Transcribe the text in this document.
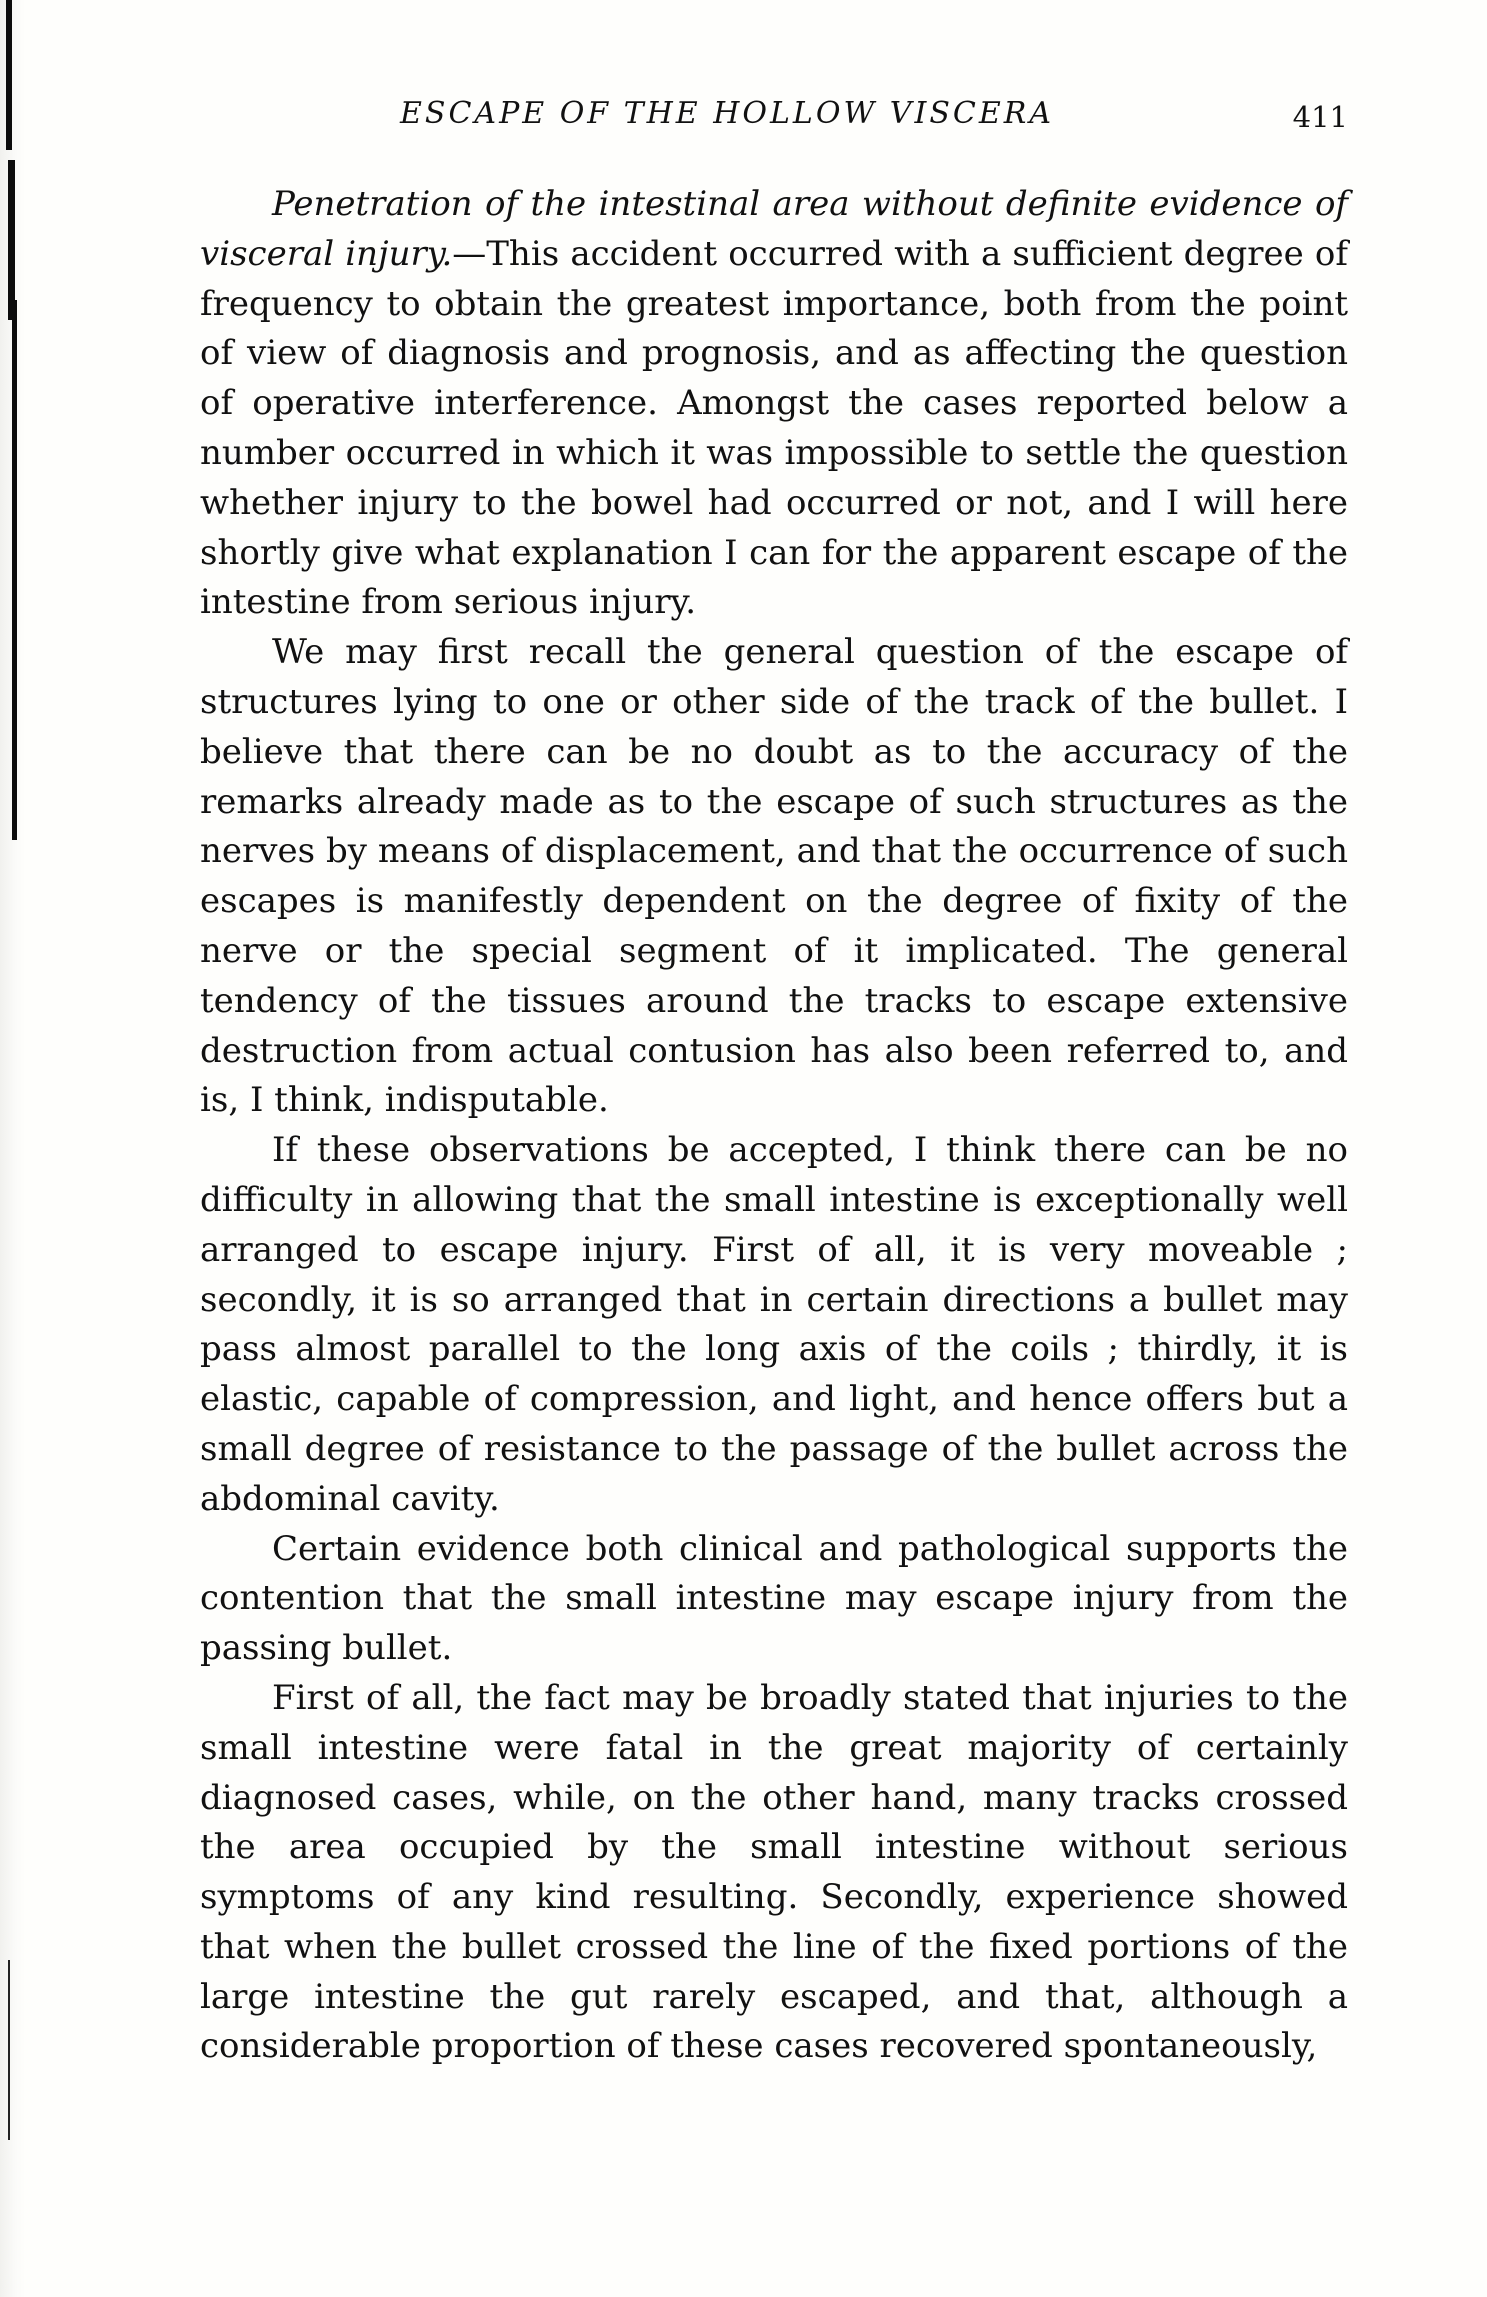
ESCAPE OF THE HOLLOW VISCERA	411

Penetration of the intestinal area without definite evidence of visceral injury.—This accident occurred with a sufficient degree of frequency to obtain the greatest importance, both from the point of view of diagnosis and prognosis, and as affecting the question of operative interference. Amongst the cases reported below a number occurred in which it was impossible to settle the question whether injury to the bowel had occurred or not, and I will here shortly give what explanation I can for the apparent escape of the intestine from serious injury.

We may first recall the general question of the escape of structures lying to one or other side of the track of the bullet. I believe that there can be no doubt as to the accuracy of the remarks already made as to the escape of such structures as the nerves by means of displacement, and that the occurrence of such escapes is manifestly dependent on the degree of fixity of the nerve or the special segment of it implicated. The general tendency of the tissues around the tracks to escape extensive destruction from actual contusion has also been referred to, and is, I think, indisputable.

If these observations be accepted, I think there can be no difficulty in allowing that the small intestine is exceptionally well arranged to escape injury. First of all, it is very moveable ; secondly, it is so arranged that in certain directions a bullet may pass almost parallel to the long axis of the coils ; thirdly, it is elastic, capable of compression, and light, and hence offers but a small degree of resistance to the passage of the bullet across the abdominal cavity.

Certain evidence both clinical and pathological supports the contention that the small intestine may escape injury from the passing bullet.

First of all, the fact may be broadly stated that injuries to the small intestine were fatal in the great majority of certainly diagnosed cases, while, on the other hand, many tracks crossed the area occupied by the small intestine without serious symptoms of any kind resulting. Secondly, experience showed that when the bullet crossed the line of the fixed portions of the large intestine the gut rarely escaped, and that, although a considerable proportion of these cases recovered spontaneously,
